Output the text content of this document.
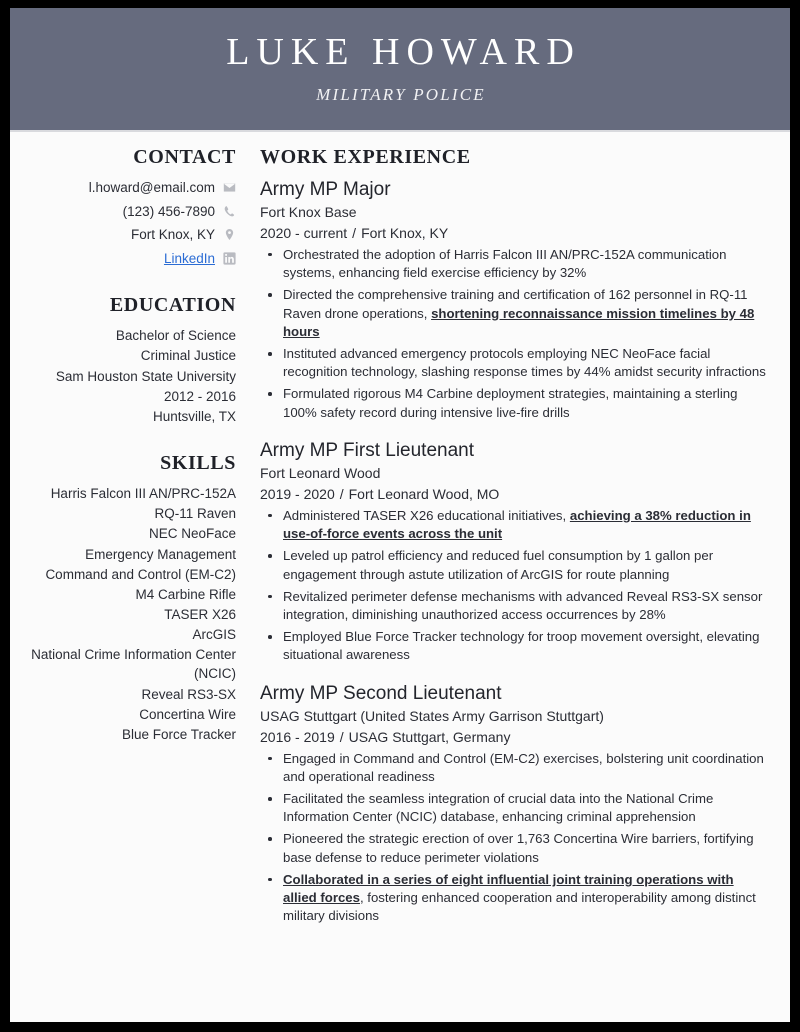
LUKE HOWARD
MILITARY POLICE
CONTACT
l.howard@email.com
(123) 456-7890
Fort Knox, KY
LinkedIn
EDUCATION
Bachelor of Science
Criminal Justice
Sam Houston State University
2012 - 2016
Huntsville, TX
SKILLS
Harris Falcon III AN/PRC-152A
RQ-11 Raven
NEC NeoFace
Emergency Management
Command and Control (EM-C2)
M4 Carbine Rifle
TASER X26
ArcGIS
National Crime Information Center (NCIC)
Reveal RS3-SX
Concertina Wire
Blue Force Tracker
WORK EXPERIENCE
Army MP Major
Fort Knox Base
2020 - current / Fort Knox, KY
Orchestrated the adoption of Harris Falcon III AN/PRC-152A communication systems, enhancing field exercise efficiency by 32%
Directed the comprehensive training and certification of 162 personnel in RQ-11 Raven drone operations, shortening reconnaissance mission timelines by 48 hours
Instituted advanced emergency protocols employing NEC NeoFace facial recognition technology, slashing response times by 44% amidst security infractions
Formulated rigorous M4 Carbine deployment strategies, maintaining a sterling 100% safety record during intensive live-fire drills
Army MP First Lieutenant
Fort Leonard Wood
2019 - 2020 / Fort Leonard Wood, MO
Administered TASER X26 educational initiatives, achieving a 38% reduction in use-of-force events across the unit
Leveled up patrol efficiency and reduced fuel consumption by 1 gallon per engagement through astute utilization of ArcGIS for route planning
Revitalized perimeter defense mechanisms with advanced Reveal RS3-SX sensor integration, diminishing unauthorized access occurrences by 28%
Employed Blue Force Tracker technology for troop movement oversight, elevating situational awareness
Army MP Second Lieutenant
USAG Stuttgart (United States Army Garrison Stuttgart)
2016 - 2019 / USAG Stuttgart, Germany
Engaged in Command and Control (EM-C2) exercises, bolstering unit coordination and operational readiness
Facilitated the seamless integration of crucial data into the National Crime Information Center (NCIC) database, enhancing criminal apprehension
Pioneered the strategic erection of over 1,763 Concertina Wire barriers, fortifying base defense to reduce perimeter violations
Collaborated in a series of eight influential joint training operations with allied forces, fostering enhanced cooperation and interoperability among distinct military divisions
